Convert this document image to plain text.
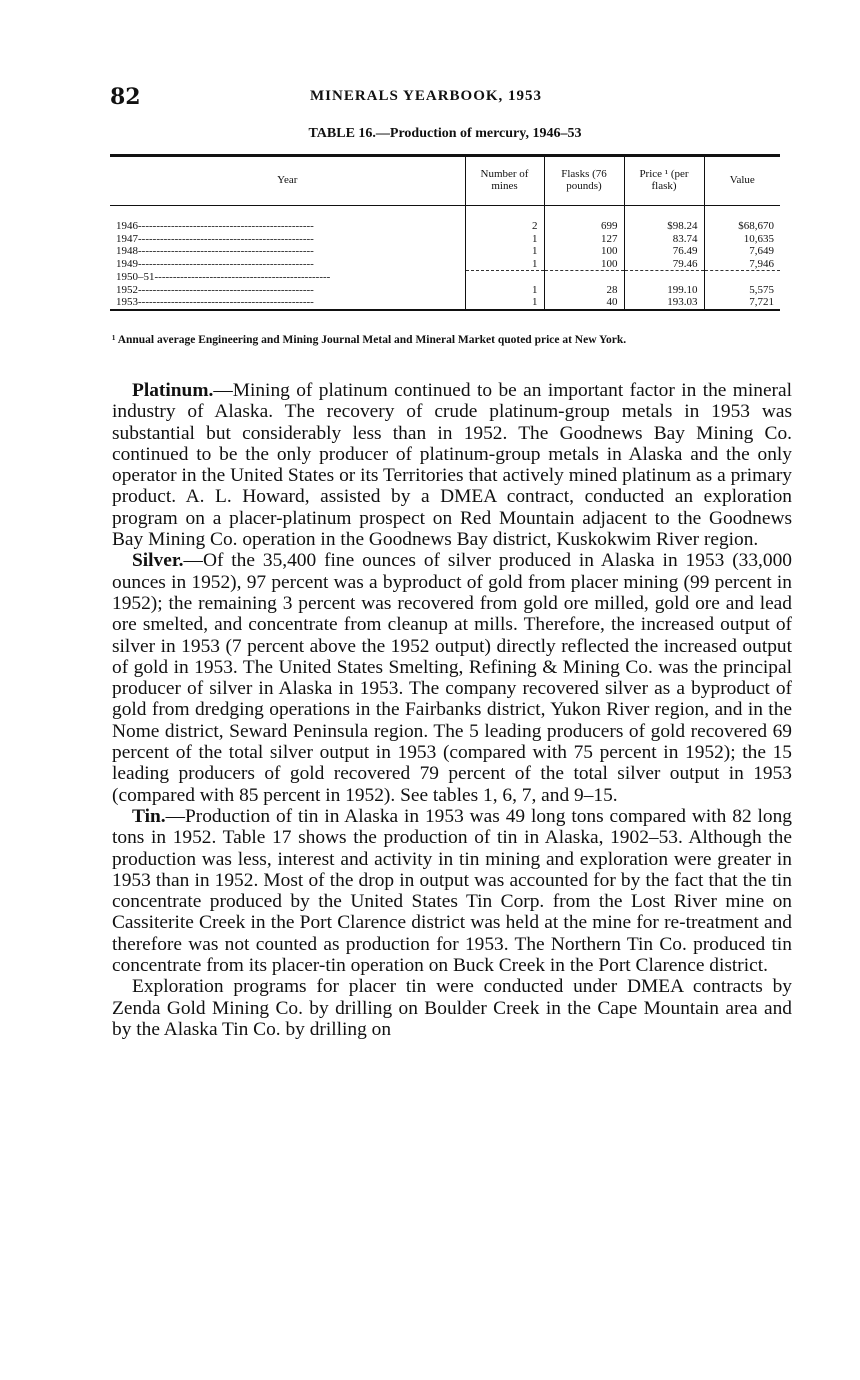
82	MINERALS YEARBOOK, 1953
TABLE 16.—Production of mercury, 1946–53
Year	Number of mines	Flasks (76 pounds)	Price ¹ (per flask)	Value
1946------------------------------------------------	2	699	$98.24	$68,670
1947------------------------------------------------	1	127	83.74	10,635
1948------------------------------------------------	1	100	76.49	7,649
1949------------------------------------------------	1	100	79.46	7,946
1950–51------------------------------------------------				
1952------------------------------------------------	1	28	199.10	5,575
1953------------------------------------------------	1	40	193.03	7,721
¹ Annual average Engineering and Mining Journal Metal and Mineral Market quoted price at New York.

Platinum.—Mining of platinum continued to be an important factor in the mineral industry of Alaska. The recovery of crude platinum-group metals in 1953 was substantial but considerably less than in 1952. The Goodnews Bay Mining Co. continued to be the only producer of platinum-group metals in Alaska and the only operator in the United States or its Territories that actively mined platinum as a primary product. A. L. Howard, assisted by a DMEA contract, conducted an exploration program on a placer-platinum prospect on Red Mountain adjacent to the Goodnews Bay Mining Co. operation in the Goodnews Bay district, Kuskokwim River region.

Silver.—Of the 35,400 fine ounces of silver produced in Alaska in 1953 (33,000 ounces in 1952), 97 percent was a byproduct of gold from placer mining (99 percent in 1952); the remaining 3 percent was recovered from gold ore milled, gold ore and lead ore smelted, and concentrate from cleanup at mills. Therefore, the increased output of silver in 1953 (7 percent above the 1952 output) directly reflected the increased output of gold in 1953. The United States Smelting, Refining & Mining Co. was the principal producer of silver in Alaska in 1953. The company recovered silver as a byproduct of gold from dredging operations in the Fairbanks district, Yukon River region, and in the Nome district, Seward Peninsula region. The 5 leading producers of gold recovered 69 percent of the total silver output in 1953 (compared with 75 percent in 1952); the 15 leading producers of gold recovered 79 percent of the total silver output in 1953 (compared with 85 percent in 1952). See tables 1, 6, 7, and 9–15.

Tin.—Production of tin in Alaska in 1953 was 49 long tons compared with 82 long tons in 1952. Table 17 shows the production of tin in Alaska, 1902–53. Although the production was less, interest and activity in tin mining and exploration were greater in 1953 than in 1952. Most of the drop in output was accounted for by the fact that the tin concentrate produced by the United States Tin Corp. from the Lost River mine on Cassiterite Creek in the Port Clarence district was held at the mine for re-treatment and therefore was not counted as production for 1953. The Northern Tin Co. produced tin concentrate from its placer-tin operation on Buck Creek in the Port Clarence district.

Exploration programs for placer tin were conducted under DMEA contracts by Zenda Gold Mining Co. by drilling on Boulder Creek in the Cape Mountain area and by the Alaska Tin Co. by drilling on
